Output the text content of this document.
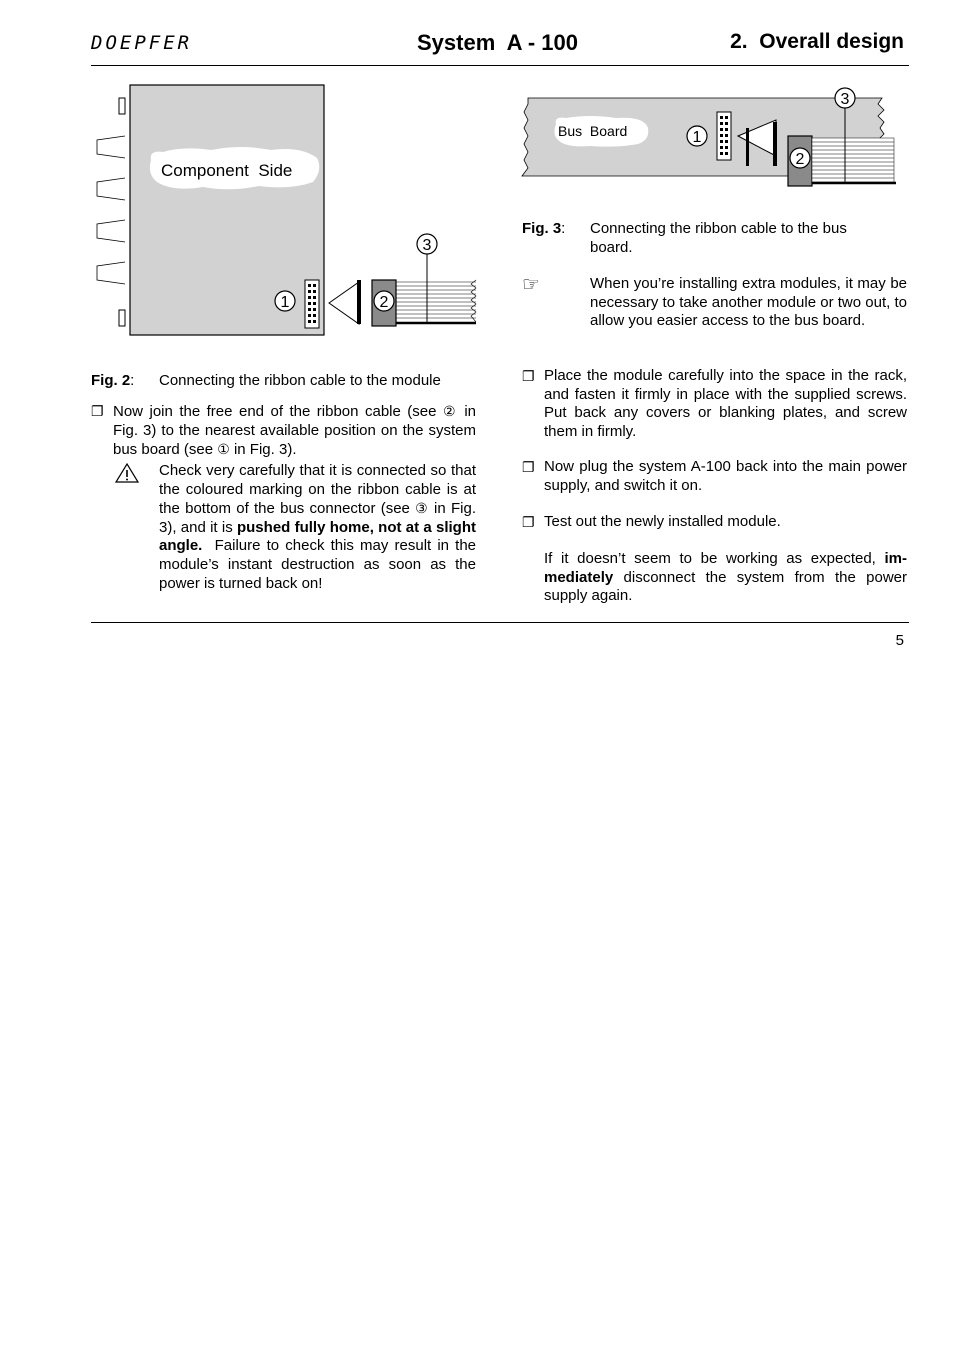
DOEPFER	System  A - 100	2.  Overall design
Component  Side
1	2
3
Fig. 2: Connecting the ribbon cable to the module
❐ Now join the free end of the ribbon cable (see ② in Fig. 3) to the nearest available position on the system bus board (see ① in Fig. 3).
Check very carefully that it is connected so that the coloured marking on the ribbon cable is at the bottom of the bus connector (see ③ in Fig. 3), and it is pushed fully home, not at a slight angle.  Failure to check this may result in the module’s instant destruction as soon as the power is turned back on!
Bus  Board	1
2
3
Fig. 3: Connecting the ribbon cable to the bus board.
☞	When you’re installing extra modules, it may be necessary to take another module or two out, to allow you easier access to the bus board.
❐ Place the module carefully into the space in the rack, and fasten it firmly in place with the supplied screws. Put back any covers or blanking plates, and screw them in firmly.
❐ Now plug the system A-100 back into the main power supply, and switch it on.
❐ Test out the newly installed module.
If it doesn’t seem to be working as expected, im-mediately disconnect the system from the power supply again.
5
